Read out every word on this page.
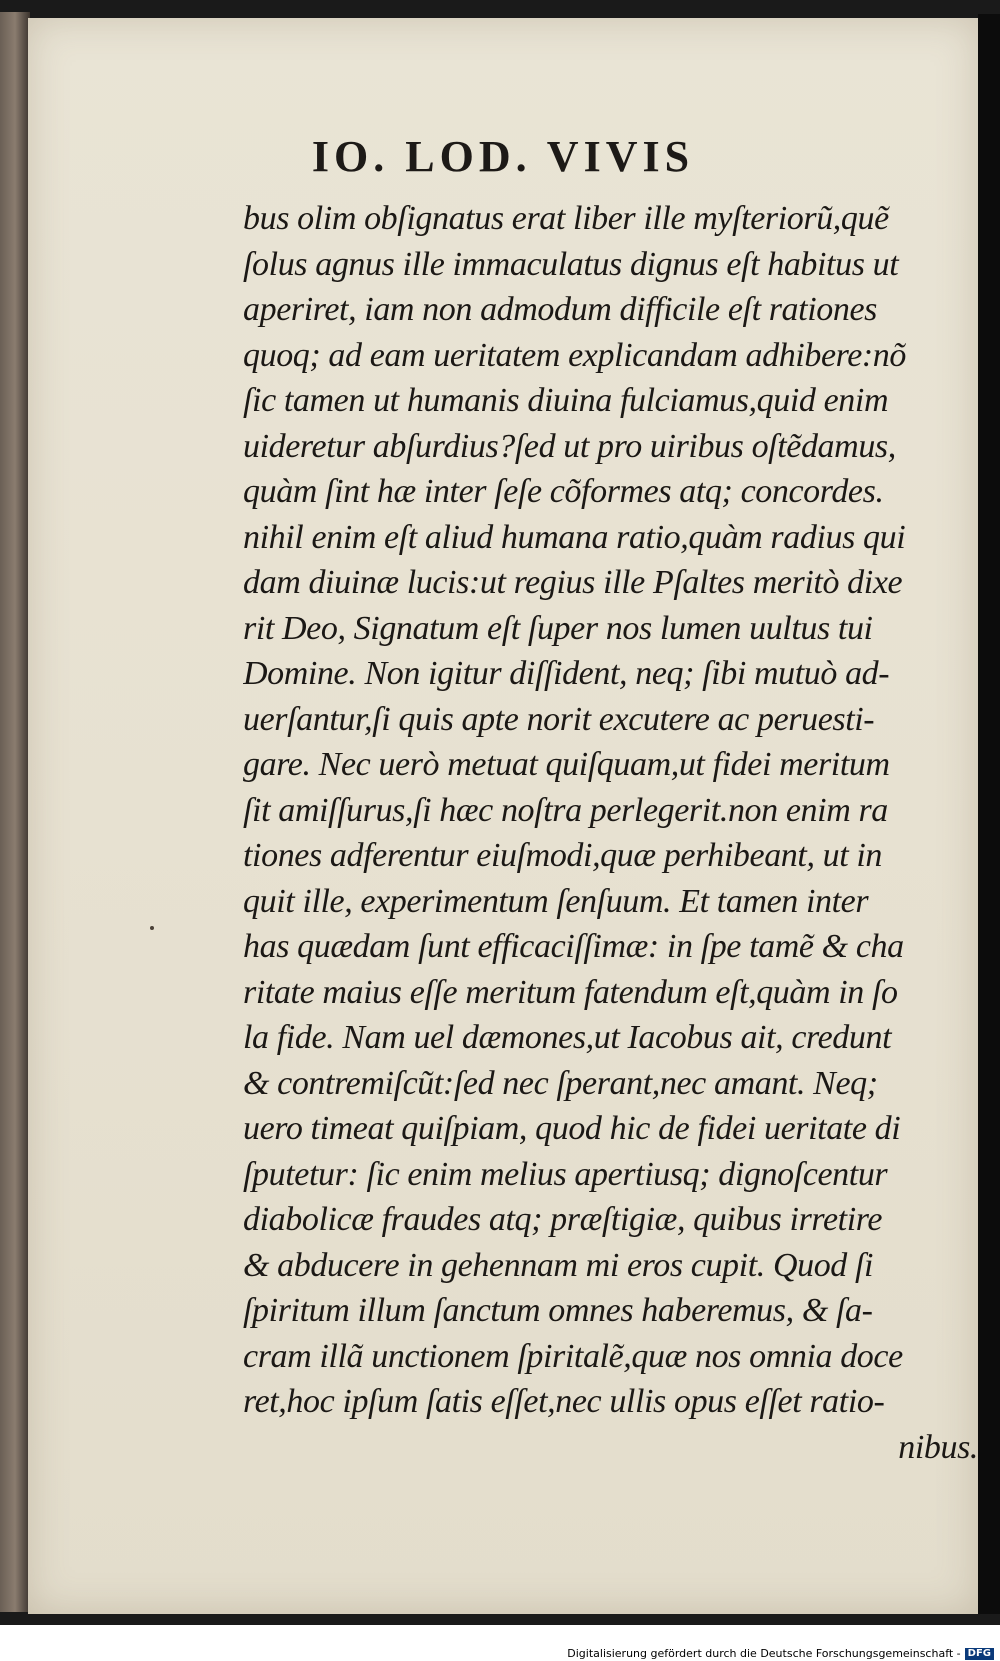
IO. LOD. VIVIS
bus olim obſignatus erat liber ille myſteriorũ,quẽ
ſolus agnus ille immaculatus dignus eſt habitus ut
aperiret, iam non admodum difficile eſt rationes
quoq; ad eam ueritatem explicandam adhibere:nõ
ſic tamen ut humanis diuina fulciamus,quid enim
uideretur abſurdius?ſed ut pro uiribus oſtẽdamus,
quàm ſint hæ inter ſeſe cõformes atq; concordes.
nihil enim eſt aliud humana ratio,quàm radius qui
dam diuinæ lucis:ut regius ille Pſaltes meritò dixe
rit Deo, Signatum eſt ſuper nos lumen uultus tui
Domine. Non igitur diſſident, neq; ſibi mutuò ad-
uerſantur,ſi quis apte norit excutere ac peruesti-
gare. Nec uerò metuat quiſquam,ut fidei meritum
ſit amiſſurus,ſi hæc noſtra perlegerit.non enim ra
tiones adferentur eiuſmodi,quæ perhibeant, ut in
quit ille, experimentum ſenſuum. Et tamen inter
has quædam ſunt efficaciſſimæ: in ſpe tamẽ & cha
ritate maius eſſe meritum fatendum eſt,quàm in ſo
la fide. Nam uel dæmones,ut Iacobus ait, credunt
& contremiſcũt:ſed nec ſperant,nec amant. Neq;
uero timeat quiſpiam, quod hic de fidei ueritate di
ſputetur: ſic enim melius apertiusq; dignoſcentur
diabolicæ fraudes atq; præſtigiæ, quibus irretire
& abducere in gehennam mi eros cupit. Quod ſi
ſpiritum illum ſanctum omnes haberemus, & ſa-
cram illã unctionem ſpiritalẽ,quæ nos omnia doce
ret,hoc ipſum ſatis eſſet,nec ullis opus eſſet ratio-
nibus.
Digitalisierung gefördert durch die Deutsche Forschungsgemeinschaft - DFG
